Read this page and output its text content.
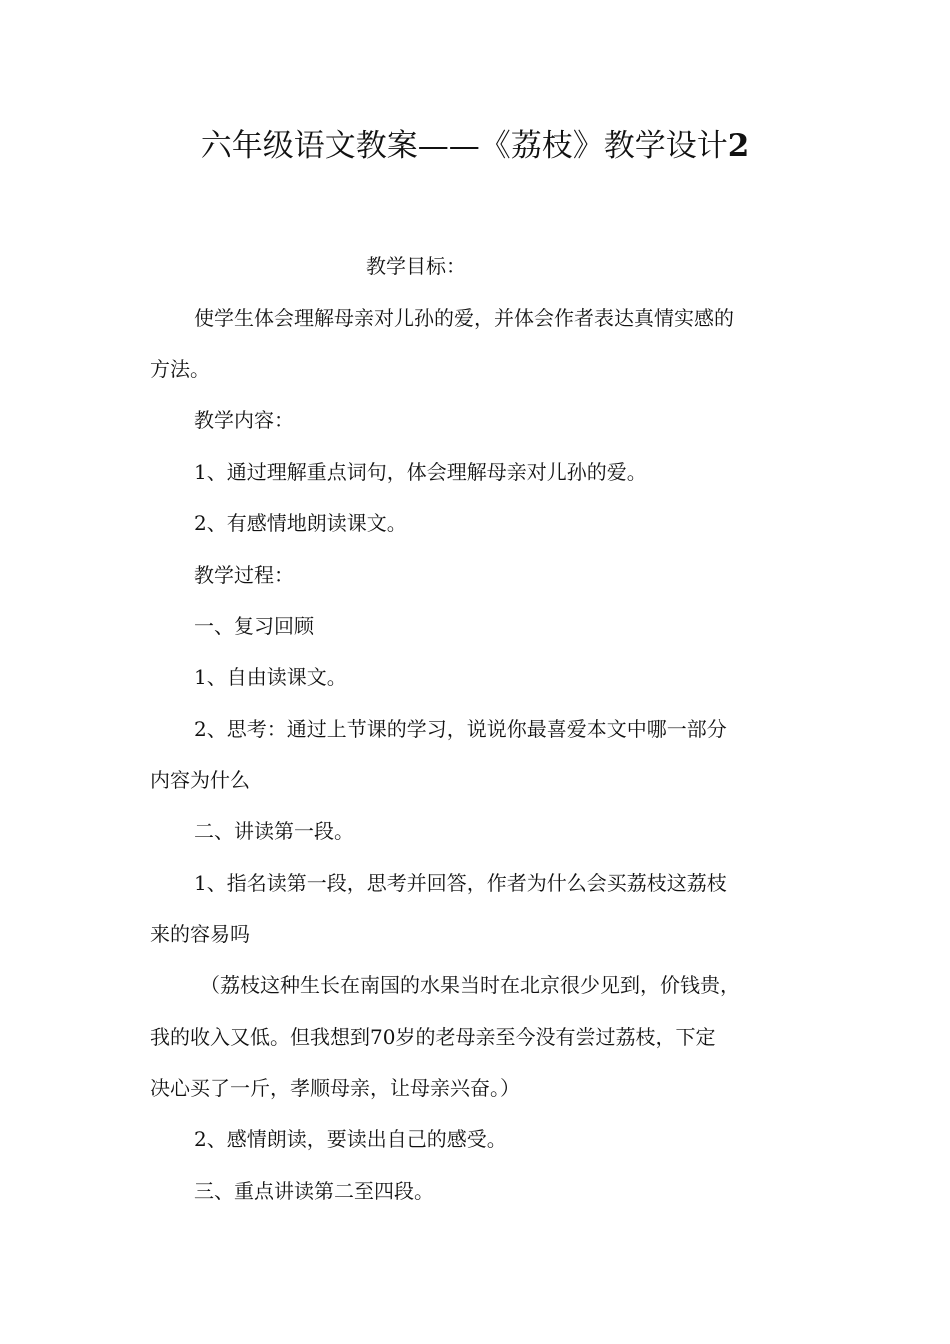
六年级语文教案——《荔枝》教学设计2

教学目标：

使学生体会理解母亲对儿孙的爱，并体会作者表达真情实感的

方法。

教学内容：

1、通过理解重点词句，体会理解母亲对儿孙的爱。

2、有感情地朗读课文。

教学过程：

一、复习回顾

1、自由读课文。

2、思考：通过上节课的学习，说说你最喜爱本文中哪一部分

内容为什么

二、讲读第一段。

1、指名读第一段，思考并回答，作者为什么会买荔枝这荔枝

来的容易吗

（荔枝这种生长在南国的水果当时在北京很少见到，价钱贵，

我的收入又低。但我想到70岁的老母亲至今没有尝过荔枝，下定

决心买了一斤，孝顺母亲，让母亲兴奋。）

2、感情朗读，要读出自己的感受。

三、重点讲读第二至四段。
